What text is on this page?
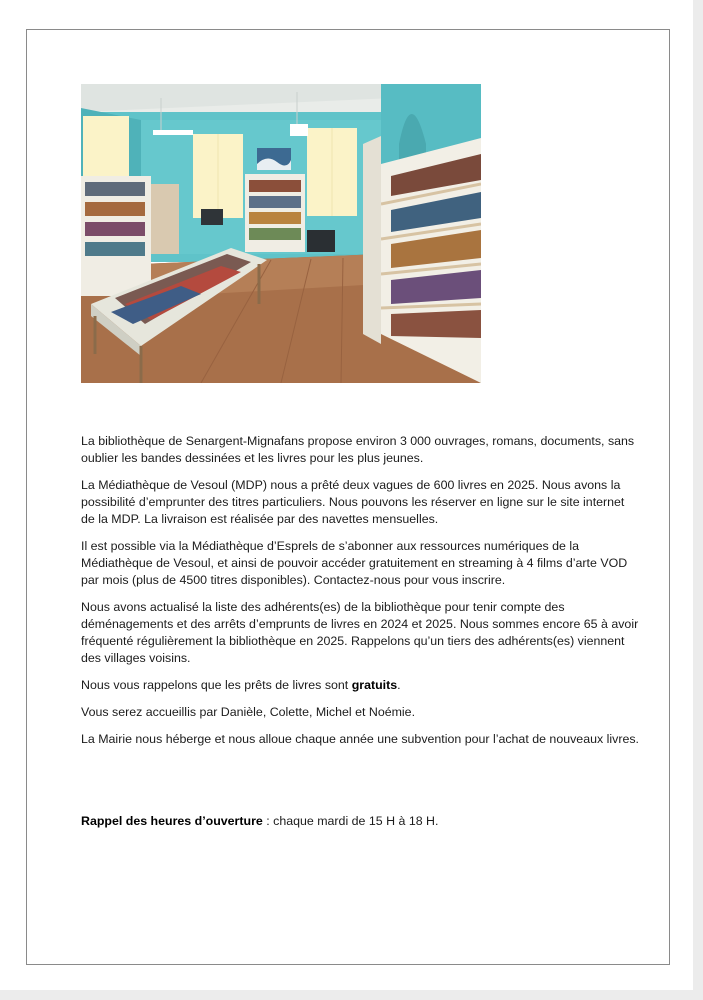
La bibliothèque de Senargent-Mignafans propose environ 3 000 ouvrages, romans, documents, sans oublier les bandes dessinées et les livres pour les plus jeunes.

La Médiathèque de Vesoul (MDP) nous a prêté deux vagues de 600 livres en 2025. Nous avons la possibilité d’emprunter des titres particuliers. Nous pouvons les réserver en ligne sur le site internet de la MDP. La livraison est réalisée par des navettes mensuelles.

Il est possible via la Médiathèque d’Esprels de s’abonner aux ressources numériques de la Médiathèque de Vesoul, et ainsi de pouvoir accéder gratuitement en streaming à 4 films d’arte VOD par mois (plus de 4500 titres disponibles). Contactez-nous pour vous inscrire.

Nous avons actualisé la liste des adhérents(es) de la bibliothèque pour tenir compte des déménagements et des arrêts d’emprunts de livres en 2024 et 2025. Nous sommes encore 65 à avoir fréquenté régulièrement la bibliothèque en 2025. Rappelons qu’un tiers des adhérents(es) viennent des villages voisins.

Nous vous rappelons que les prêts de livres sont gratuits.

Vous serez accueillis par Danièle, Colette, Michel et Noémie.

La Mairie nous héberge et nous alloue chaque année une subvention pour l’achat de nouveaux livres.

Rappel des heures d’ouverture : chaque mardi de 15 H à 18 H.
